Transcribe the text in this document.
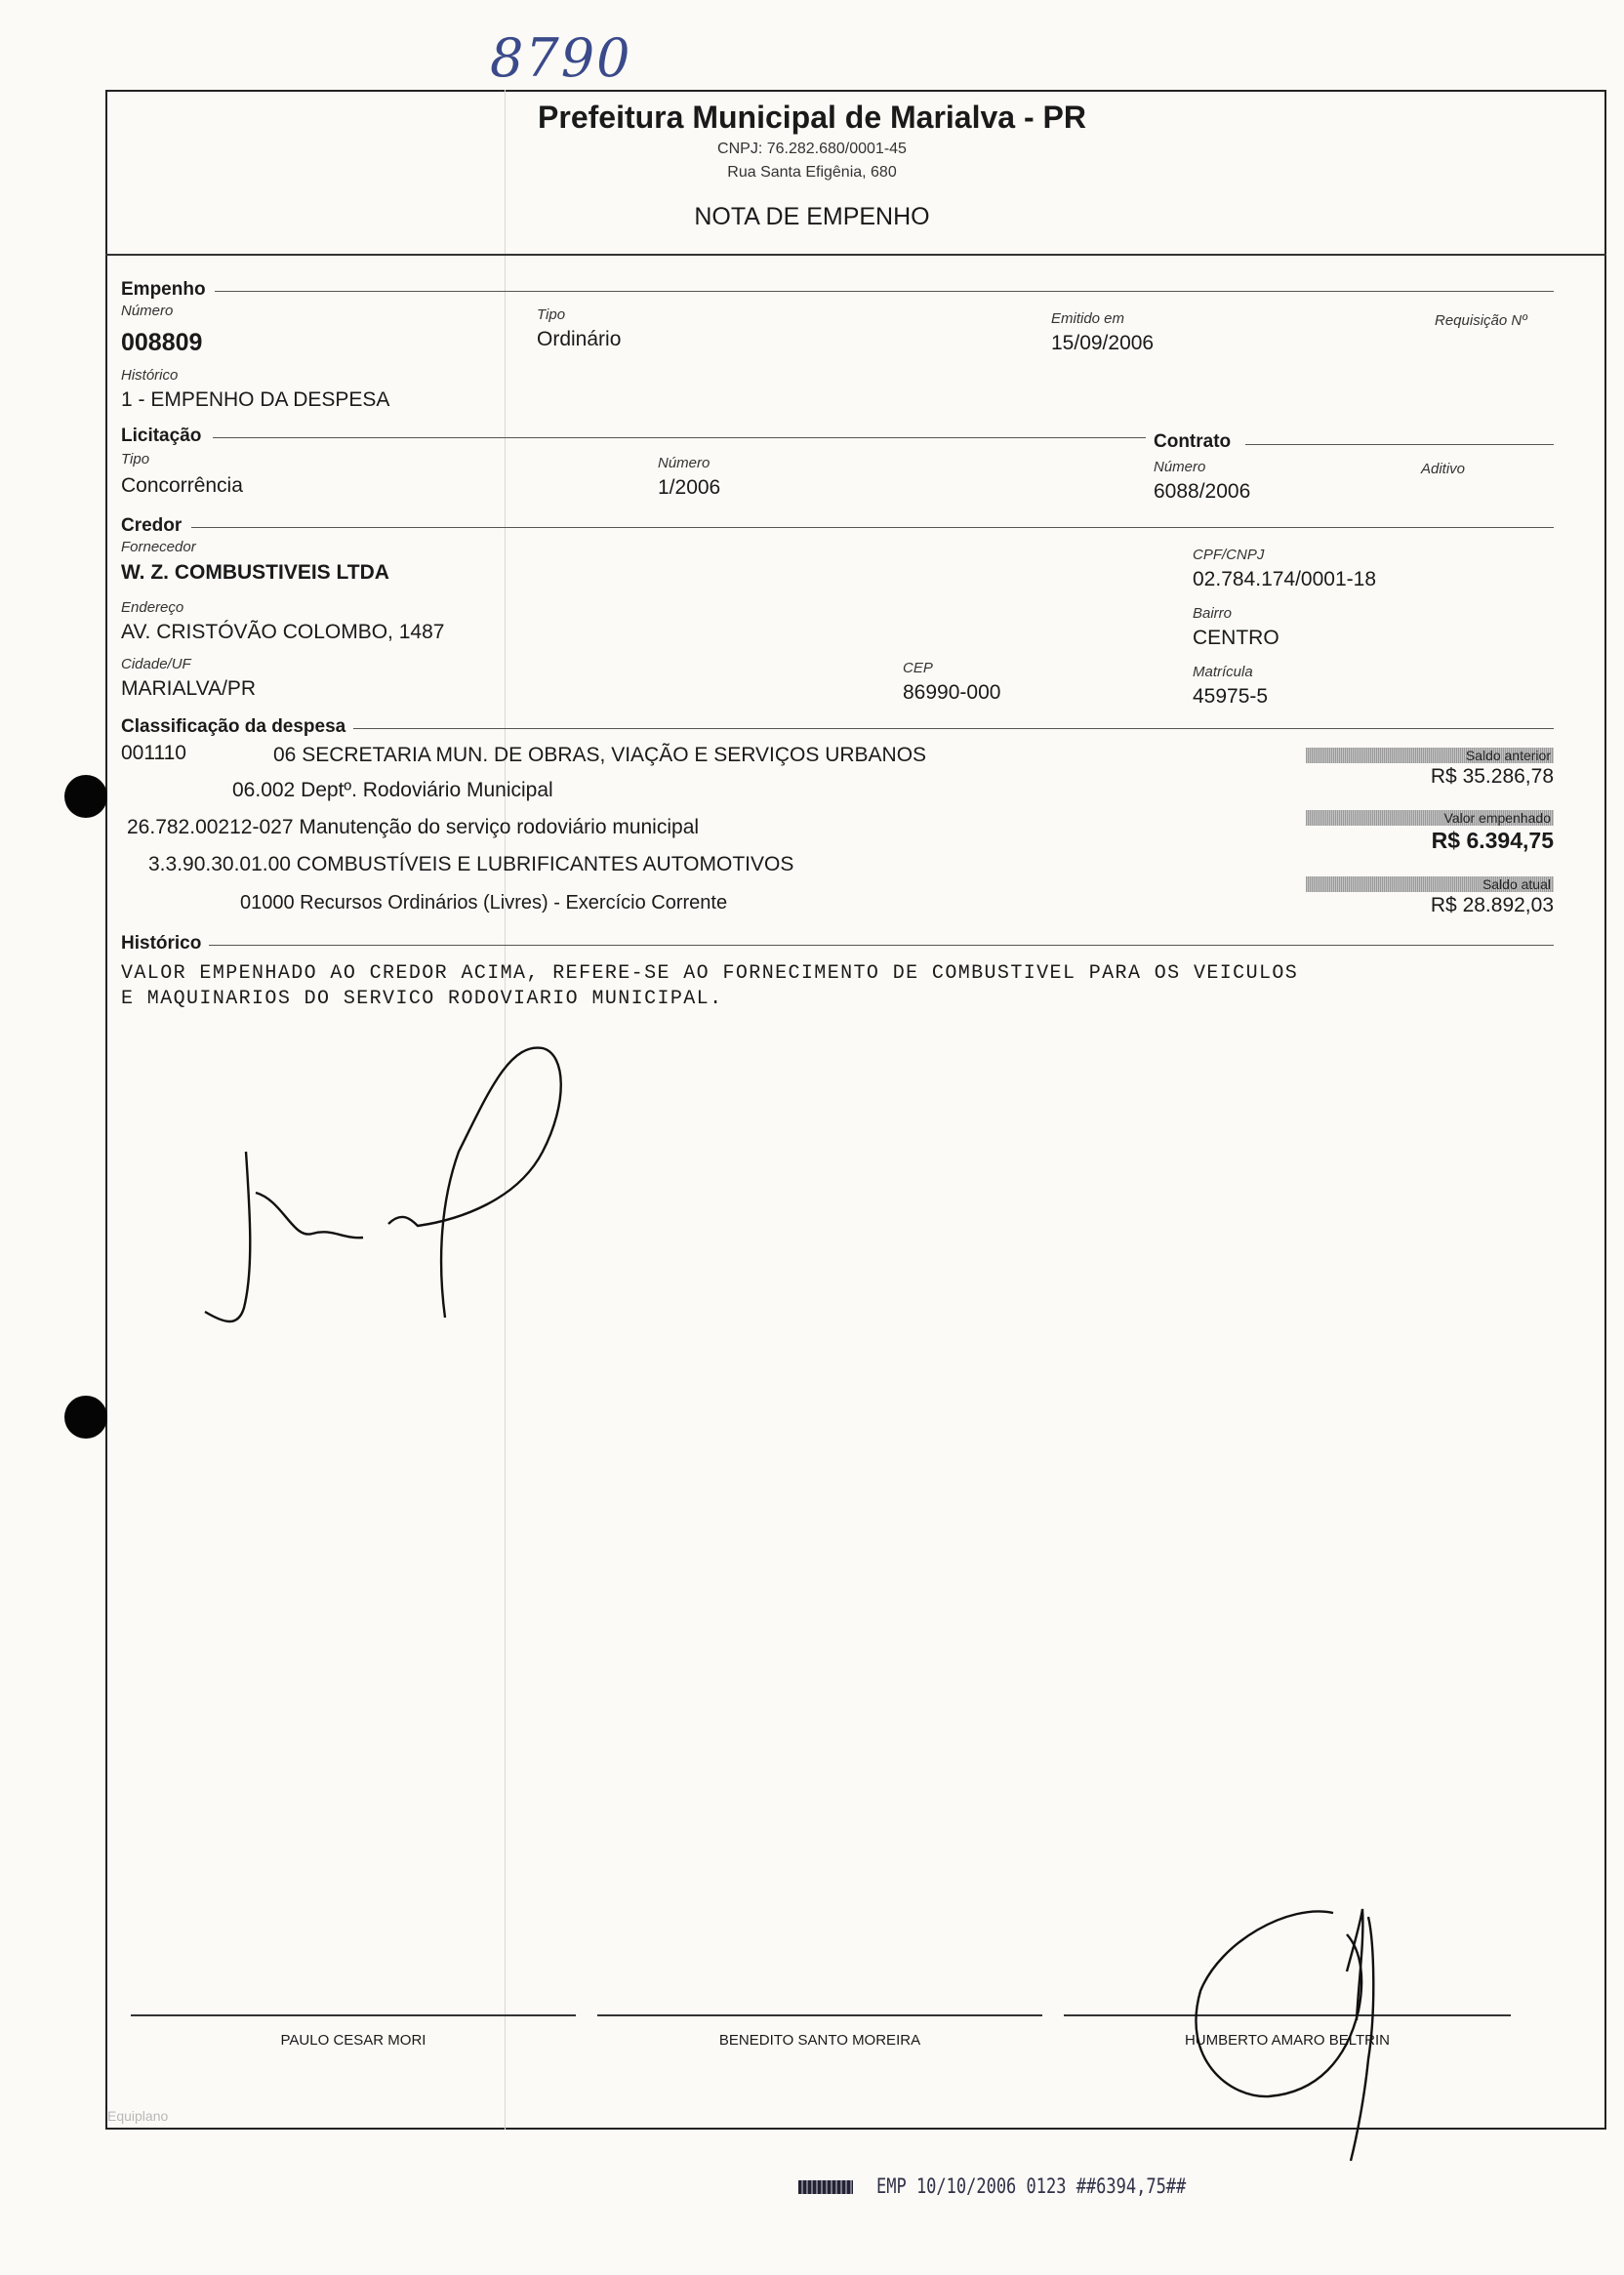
8790
Prefeitura Municipal de Marialva - PR
CNPJ: 76.282.680/0001-45
Rua Santa Efigênia, 680
NOTA DE EMPENHO
Empenho
Número
008809
Tipo
Ordinário
Emitido em
15/09/2006
Requisição Nº
Histórico
1 - EMPENHO DA DESPESA
Licitação	Contrato
Tipo
Concorrência
Número
1/2006
Número
6088/2006
Aditivo
Credor
Fornecedor
W. Z. COMBUSTIVEIS LTDA
CPF/CNPJ
02.784.174/0001-18
Endereço
AV. CRISTÓVÃO COLOMBO, 1487
Bairro
CENTRO
Cidade/UF
MARIALVA/PR
CEP
86990-000
Matrícula
45975-5
Classificação da despesa
001110	06 SECRETARIA MUN. DE OBRAS, VIAÇÃO E SERVIÇOS URBANOS
06.002 Deptº. Rodoviário Municipal
26.782.00212-027 Manutenção do serviço rodoviário municipal
3.3.90.30.01.00 COMBUSTÍVEIS E LUBRIFICANTES AUTOMOTIVOS
01000 Recursos Ordinários (Livres) - Exercício Corrente
Saldo anterior
R$ 35.286,78
Valor empenhado
R$ 6.394,75
Saldo atual
R$ 28.892,03
Histórico
VALOR EMPENHADO AO CREDOR ACIMA, REFERE-SE AO FORNECIMENTO DE COMBUSTIVEL PARA OS VEICULOS
E MAQUINARIOS DO SERVICO RODOVIARIO MUNICIPAL.
PAULO CESAR MORI	BENEDITO SANTO MOREIRA	HUMBERTO AMARO BELTRIN
Equiplano
EMP 10/10/2006 0123 ##6394,75##
